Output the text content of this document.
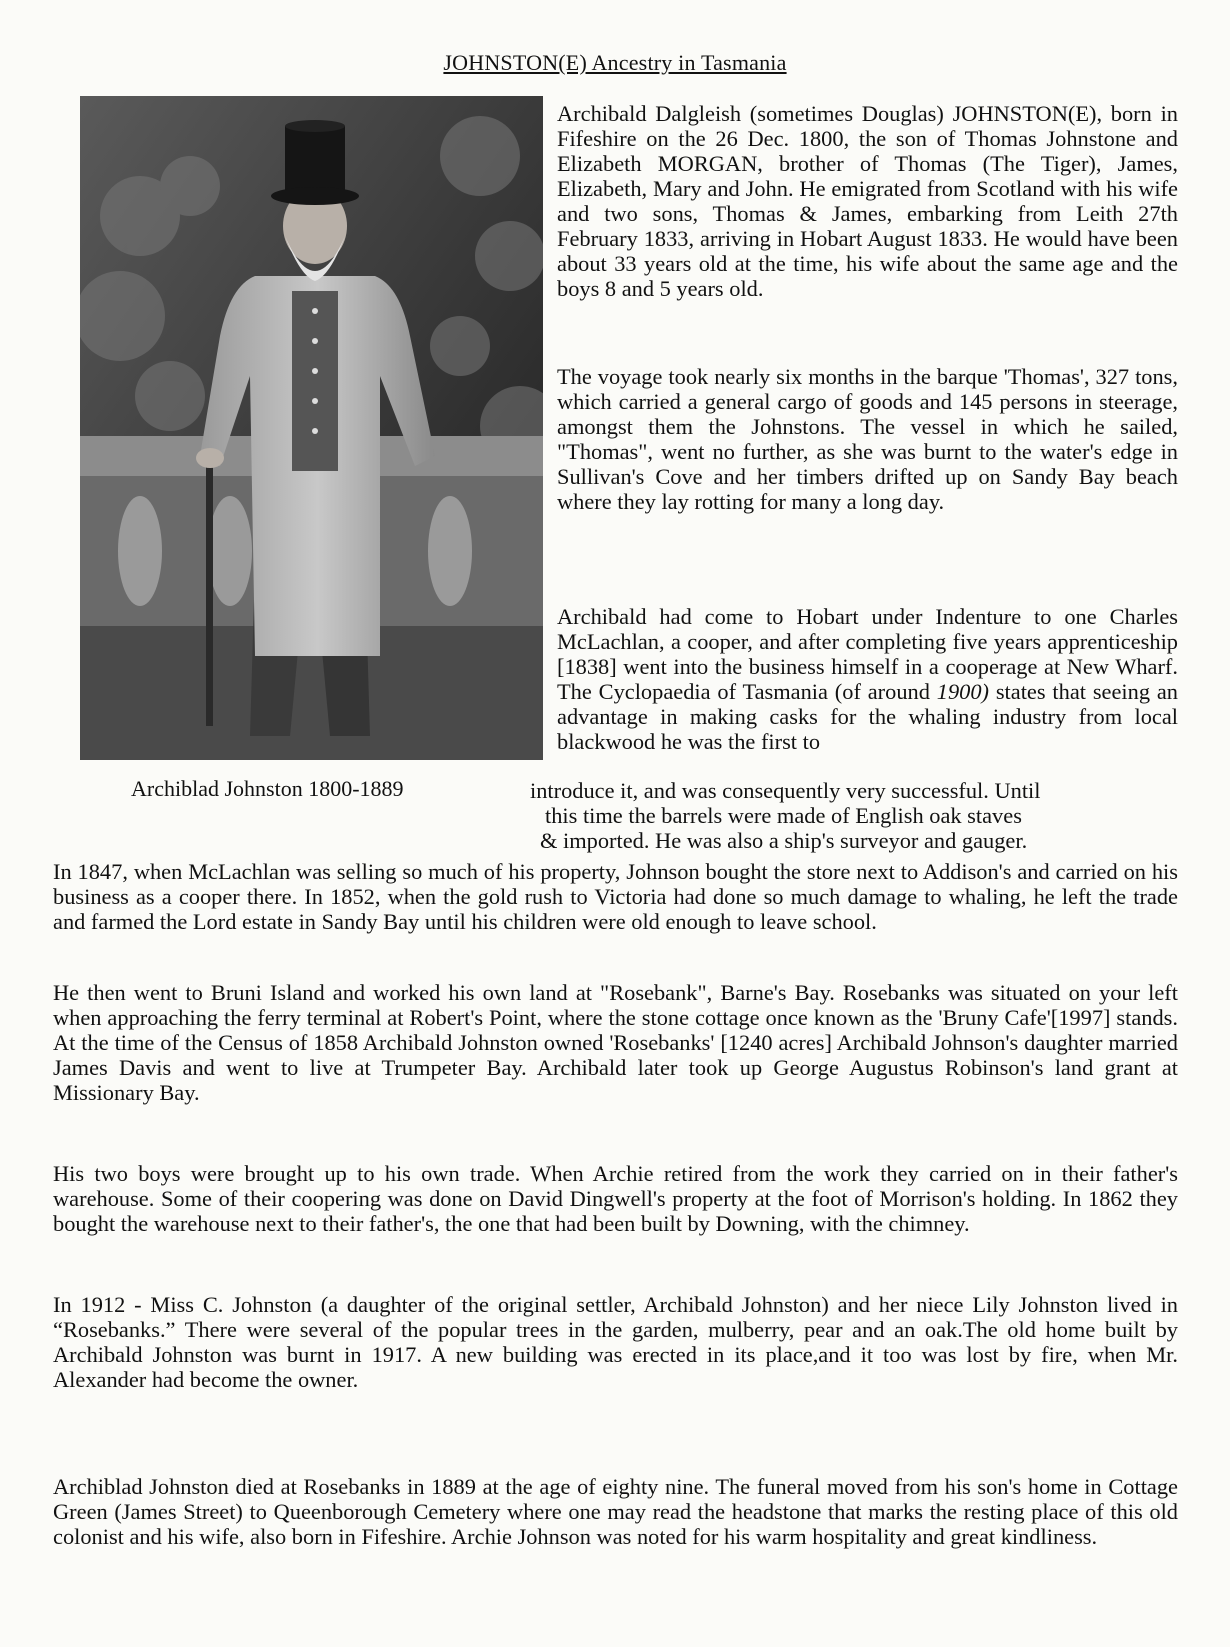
JOHNSTON(E) Ancestry in Tasmania
Archiblad Johnston 1800-1889

Archibald Dalgleish (sometimes Douglas) JOHNSTON(E), born in Fifeshire on the 26 Dec. 1800, the son of Thomas Johnstone and Elizabeth MORGAN, brother of Thomas (The Tiger), James, Elizabeth, Mary and John. He emigrated from Scotland with his wife and two sons, Thomas & James, embarking from Leith 27th February 1833, arriving in Hobart August 1833. He would have been about 33 years old at the time, his wife about the same age and the boys 8 and 5 years old.

The voyage took nearly six months in the barque 'Thomas', 327 tons, which carried a general cargo of goods and 145 persons in steerage, amongst them the Johnstons. The vessel in which he sailed, "Thomas", went no further, as she was burnt to the water's edge in Sullivan's Cove and her timbers drifted up on Sandy Bay beach where they lay rotting for many a long day.

Archibald had come to Hobart under Indenture to one Charles McLachlan, a cooper, and after completing five years apprenticeship [1838] went into the business himself in a cooperage at New Wharf. The Cyclopaedia of Tasmania (of around 1900) states that seeing an advantage in making casks for the whaling industry from local blackwood he was the first to

introduce it, and was consequently very successful. Until
this time the barrels were made of English oak staves
& imported. He was also a ship's surveyor and gauger.

In 1847, when McLachlan was selling so much of his property, Johnson bought the store next to Addison's and carried on his business as a cooper there. In 1852, when the gold rush to Victoria had done so much damage to whaling, he left the trade and farmed the Lord estate in Sandy Bay until his children were old enough to leave school.

He then went to Bruni Island and worked his own land at "Rosebank", Barne's Bay. Rosebanks was situated on your left when approaching the ferry terminal at Robert's Point, where the stone cottage once known as the 'Bruny Cafe'[1997] stands. At the time of the Census of 1858 Archibald Johnston owned 'Rosebanks' [1240 acres] Archibald Johnson's daughter married James Davis and went to live at Trumpeter Bay. Archibald later took up George Augustus Robinson's land grant at Missionary Bay.

His two boys were brought up to his own trade. When Archie retired from the work they carried on in their father's warehouse. Some of their coopering was done on David Dingwell's property at the foot of Morrison's holding. In 1862 they bought the warehouse next to their father's, the one that had been built by Downing, with the chimney.

In 1912 - Miss C. Johnston (a daughter of the original settler, Archibald Johnston) and her niece Lily Johnston lived in “Rosebanks.” There were several of the popular trees in the garden, mulberry, pear and an oak.The old home built by Archibald Johnston was burnt in 1917. A new building was erected in its place,and it too was lost by fire, when Mr. Alexander had become the owner.

Archiblad Johnston died at Rosebanks in 1889 at the age of eighty nine. The funeral moved from his son's home in Cottage Green (James Street) to Queenborough Cemetery where one may read the headstone that marks the resting place of this old colonist and his wife, also born in Fifeshire. Archie Johnson was noted for his warm hospitality and great kindliness.
